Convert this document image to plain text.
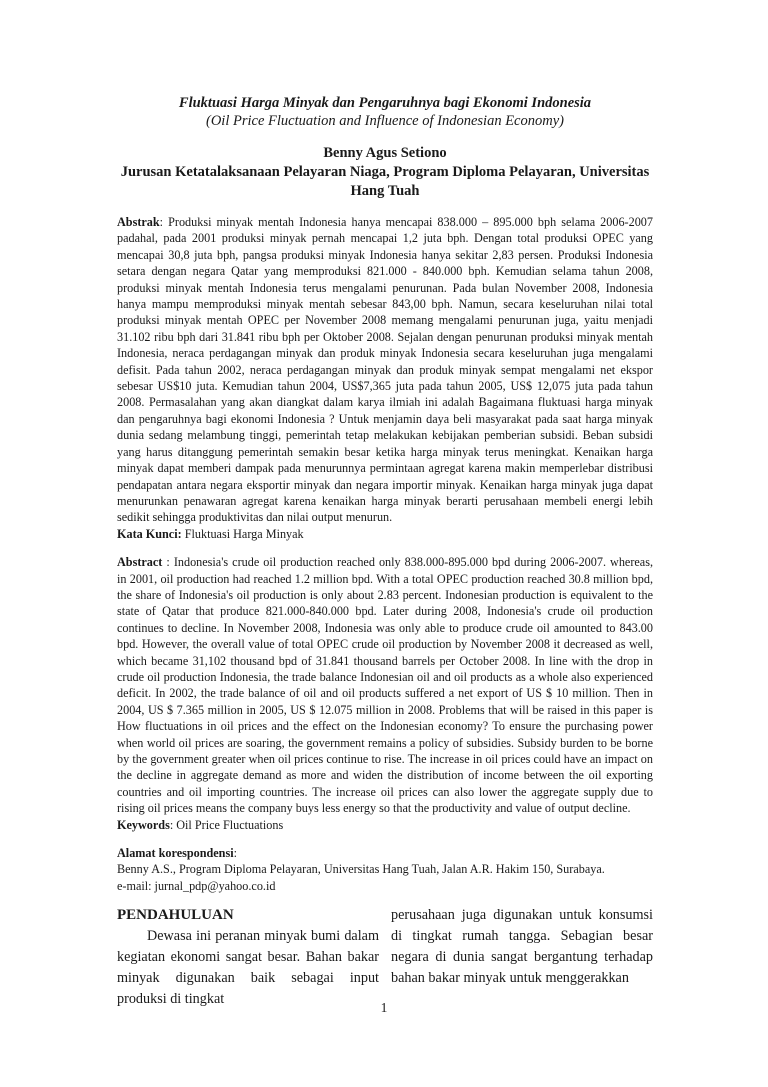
Fluktuasi Harga Minyak dan Pengaruhnya bagi Ekonomi Indonesia

(Oil Price Fluctuation and Influence of Indonesian Economy)

Benny Agus Setiono

Jurusan Ketatalaksanaan Pelayaran Niaga, Program Diploma Pelayaran, Universitas Hang Tuah

Abstrak: Produksi minyak mentah Indonesia hanya mencapai 838.000 – 895.000 bph selama 2006-2007 padahal, pada 2001 produksi minyak pernah mencapai 1,2 juta bph. Dengan total produksi OPEC yang mencapai 30,8 juta bph, pangsa produksi minyak Indonesia hanya sekitar 2,83 persen. Produksi Indonesia setara dengan negara Qatar yang memproduksi 821.000 - 840.000 bph. Kemudian selama tahun 2008, produksi minyak mentah Indonesia terus mengalami penurunan. Pada bulan November 2008, Indonesia hanya mampu memproduksi minyak mentah sebesar 843,00 bph. Namun, secara keseluruhan nilai total produksi minyak mentah OPEC per November 2008 memang mengalami penurunan juga, yaitu menjadi 31.102 ribu bph dari 31.841 ribu bph per Oktober 2008. Sejalan dengan penurunan produksi minyak mentah Indonesia, neraca perdagangan minyak dan produk minyak Indonesia secara keseluruhan juga mengalami defisit. Pada tahun 2002, neraca perdagangan minyak dan produk minyak sempat mengalami net ekspor sebesar US$10 juta. Kemudian tahun 2004, US$7,365 juta pada tahun 2005, US$ 12,075 juta pada tahun 2008. Permasalahan yang akan diangkat dalam karya ilmiah ini adalah Bagaimana fluktuasi harga minyak dan pengaruhnya bagi ekonomi Indonesia ? Untuk menjamin daya beli masyarakat pada saat harga minyak dunia sedang melambung tinggi, pemerintah tetap melakukan kebijakan pemberian subsidi. Beban subsidi yang harus ditanggung pemerintah semakin besar ketika harga minyak terus meningkat. Kenaikan harga minyak dapat memberi dampak pada menurunnya permintaan agregat karena makin memperlebar distribusi pendapatan antara negara eksportir minyak dan negara importir minyak. Kenaikan harga minyak juga dapat menurunkan penawaran agregat karena kenaikan harga minyak berarti perusahaan membeli energi lebih sedikit sehingga produktivitas dan nilai output menurun.

Kata Kunci: Fluktuasi Harga Minyak

Abstract : Indonesia's crude oil production reached only 838.000-895.000 bpd during 2006-2007. whereas, in 2001, oil production had reached 1.2 million bpd. With a total OPEC production reached 30.8 million bpd, the share of Indonesia's oil production is only about 2.83 percent. Indonesian production is equivalent to the state of Qatar that produce 821.000-840.000 bpd. Later during 2008, Indonesia's crude oil production continues to decline. In November 2008, Indonesia was only able to produce crude oil amounted to 843.00 bpd. However, the overall value of total OPEC crude oil production by November 2008 it decreased as well, which became 31,102 thousand bpd of 31.841 thousand barrels per October 2008. In line with the drop in crude oil production Indonesia, the trade balance Indonesian oil and oil products as a whole also experienced deficit. In 2002, the trade balance of oil and oil products suffered a net export of US $ 10 million. Then in 2004, US $ 7.365 million in 2005, US $ 12.075 million in 2008. Problems that will be raised in this paper is How fluctuations in oil prices and the effect on the Indonesian economy? To ensure the purchasing power when world oil prices are soaring, the government remains a policy of subsidies. Subsidy burden to be borne by the government greater when oil prices continue to rise. The increase in oil prices could have an impact on the decline in aggregate demand as more and widen the distribution of income between the oil exporting countries and oil importing countries. The increase oil prices can also lower the aggregate supply due to rising oil prices means the company buys less energy so that the productivity and value of output decline.

Keywords: Oil Price Fluctuations

Alamat korespondensi:

Benny A.S., Program Diploma Pelayaran, Universitas Hang Tuah, Jalan A.R. Hakim 150, Surabaya.

e-mail: jurnal_pdp@yahoo.co.id

PENDAHULUAN

Dewasa ini peranan minyak bumi dalam kegiatan ekonomi sangat besar. Bahan bakar minyak digunakan baik sebagai input produksi di tingkat

perusahaan juga digunakan untuk konsumsi di tingkat rumah tangga. Sebagian besar negara di dunia sangat bergantung terhadap bahan bakar minyak untuk menggerakkan

1
